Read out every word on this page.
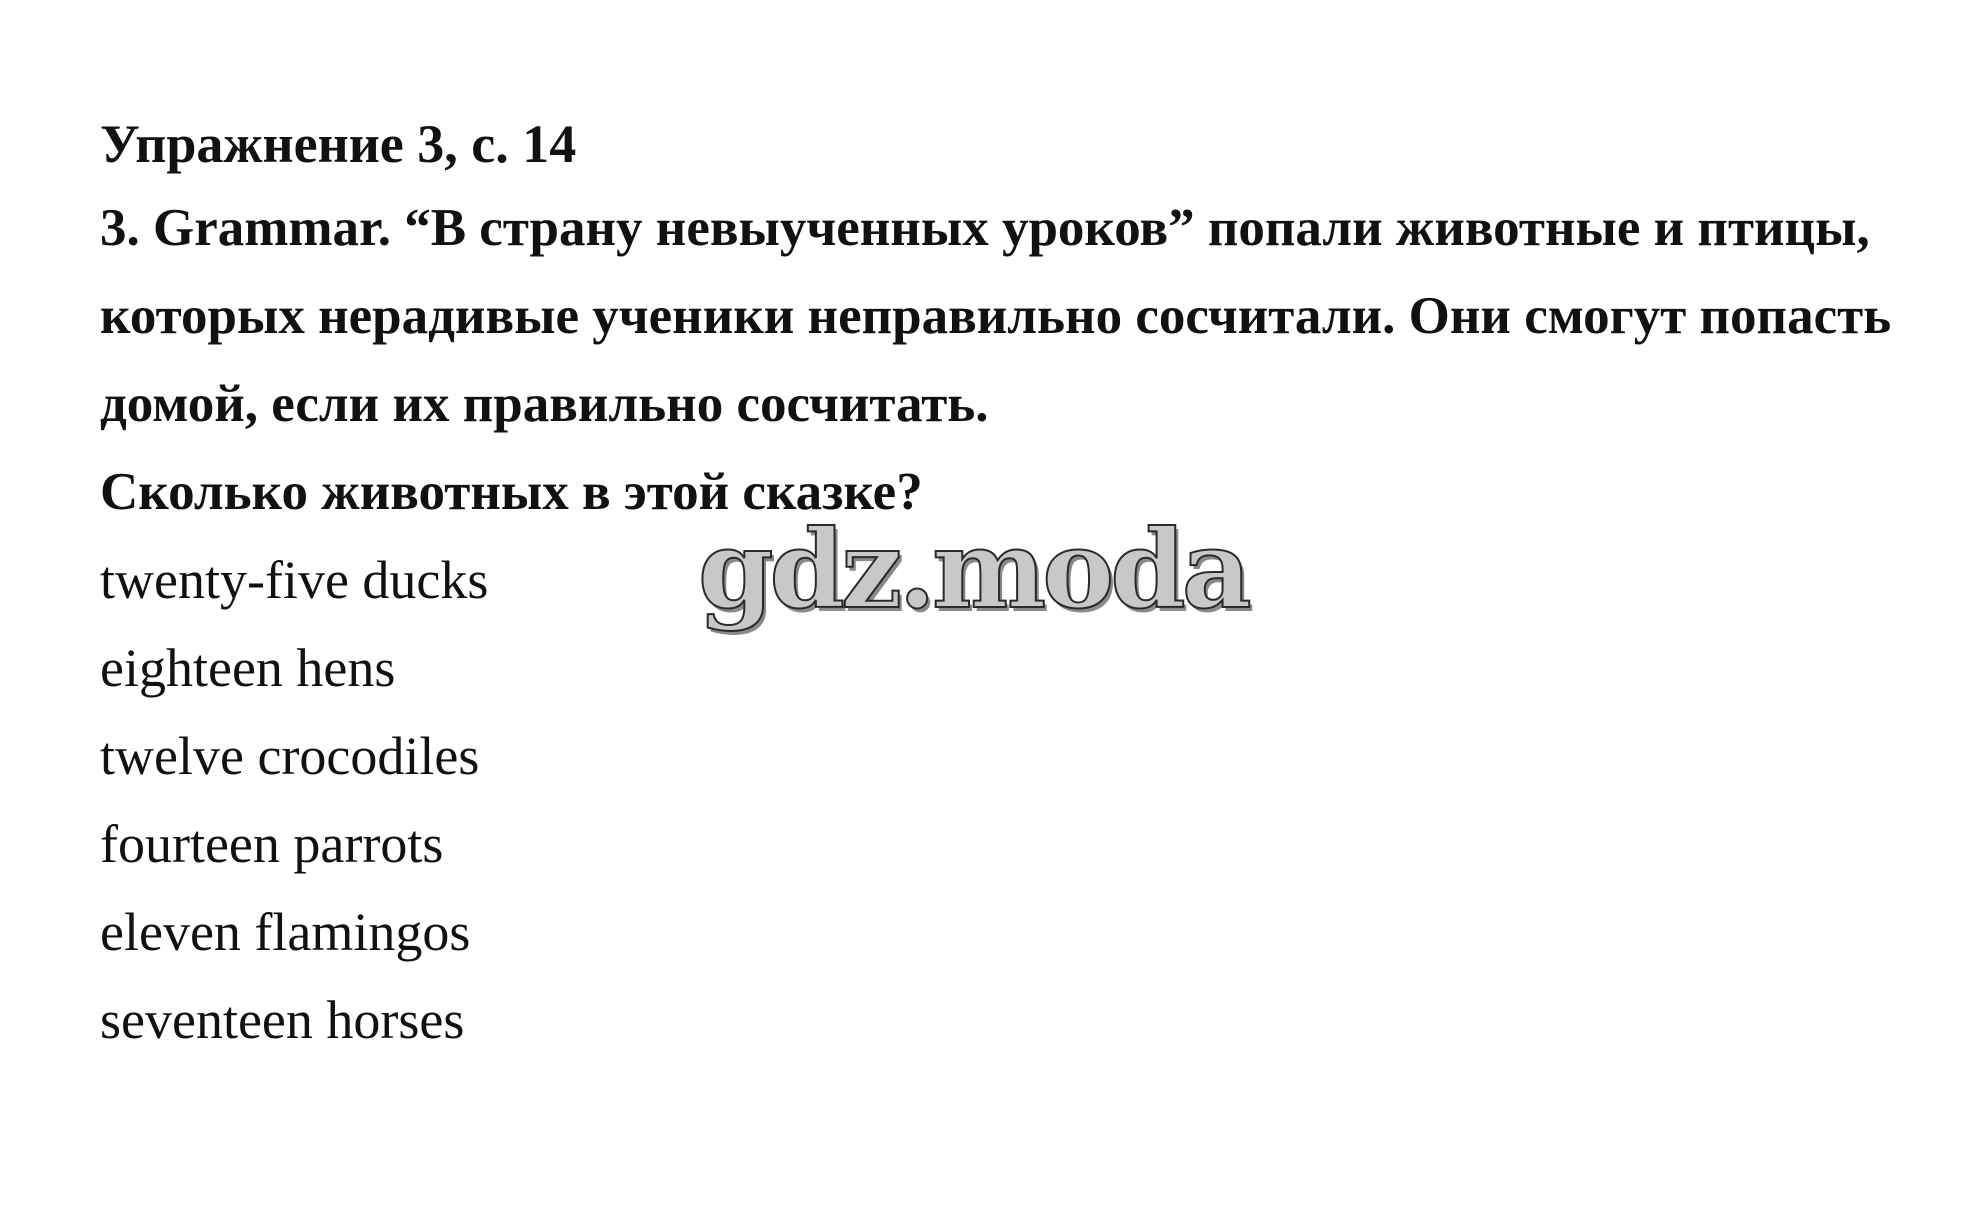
Упражнение 3, с. 14

3. Grammar. “В страну невыученных уроков” попали животные и птицы, которых нерадивые ученики неправильно сосчитали. Они смогут попасть домой, если их правильно сосчитать.

Сколько животных в этой сказке?

twenty-five ducks
eighteen hens
twelve crocodiles
fourteen parrots
eleven flamingos
seventeen horses
gdz.moda
